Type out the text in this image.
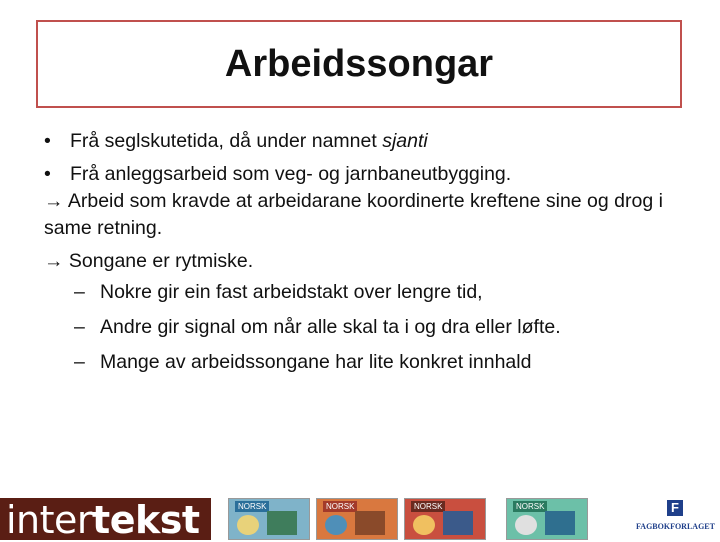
Arbeidssongar
• Frå seglskutetida, då under namnet sjanti
• Frå anleggsarbeid som veg- og jarnbaneutbygging.
→ Arbeid som kravde at arbeidarane koordinerte kreftene sine og drog i same retning.
→ Songane er rytmiske.
– Nokre gir ein fast arbeidstakt over lengre tid,
– Andre gir signal om når alle skal ta i og dra eller løfte.
– Mange av arbeidssongane har lite konkret innhald
intertekst	NORSK	NORSK	NORSK	NORSK	F
FAGBOKFORLAGET
